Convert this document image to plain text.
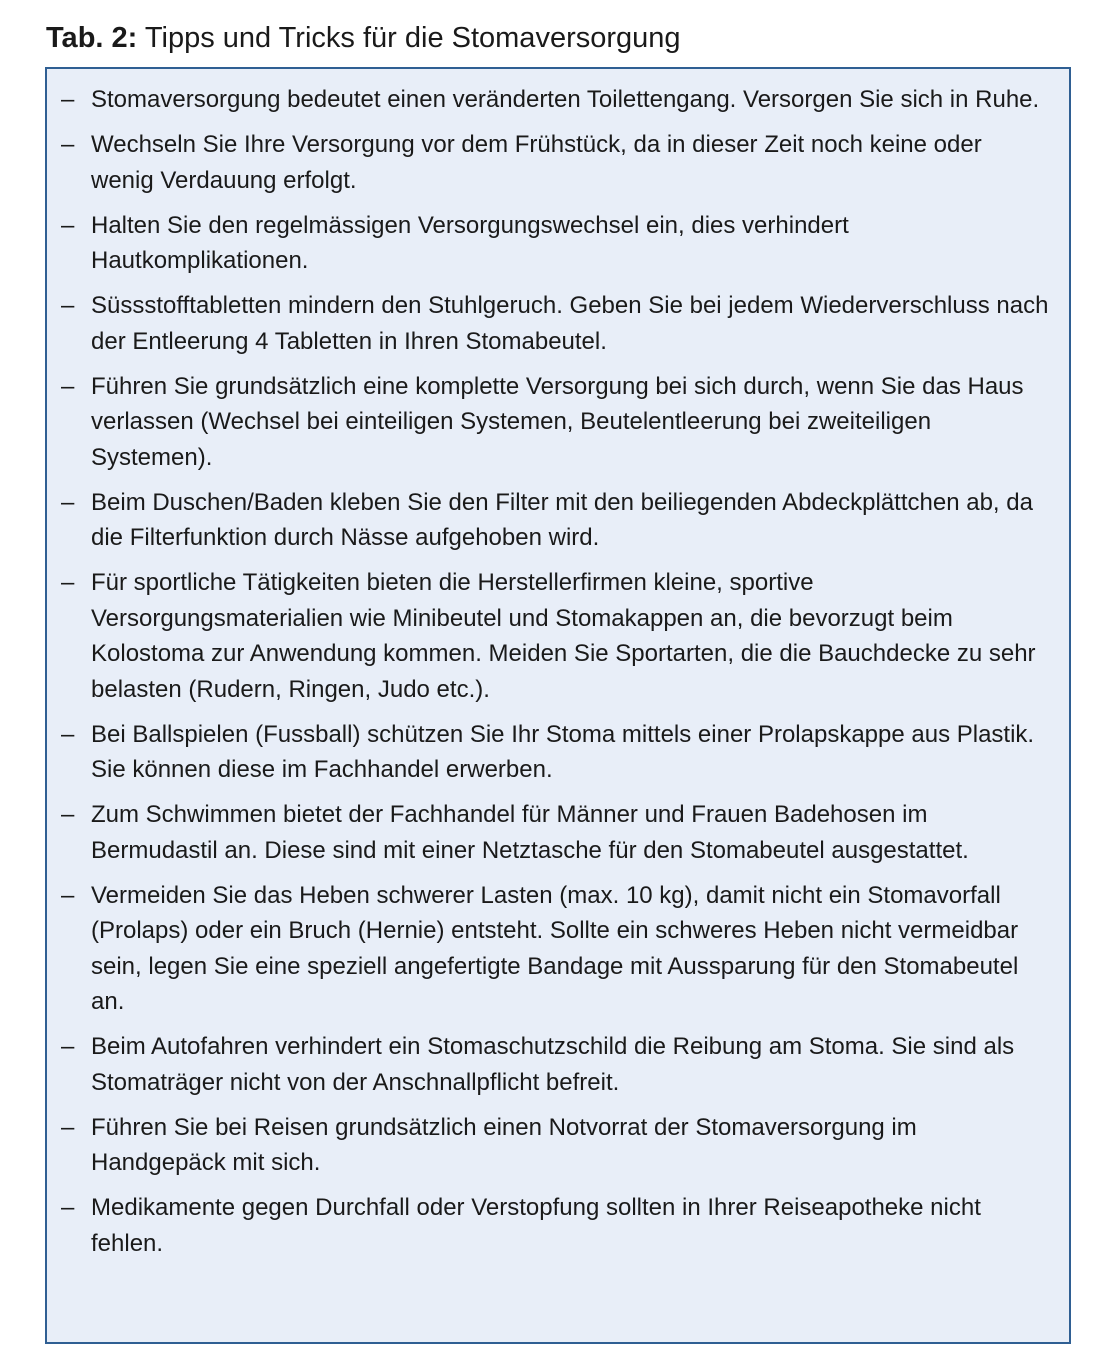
Tab. 2: Tipps und Tricks für die Stomaversorgung
– Stomaversorgung bedeutet einen veränderten Toilettengang. Versorgen Sie sich in Ruhe.
– Wechseln Sie Ihre Versorgung vor dem Frühstück, da in dieser Zeit noch keine oder wenig Verdauung erfolgt.
– Halten Sie den regelmässigen Versorgungswechsel ein, dies verhindert Hautkomplikationen.
– Süssstofftabletten mindern den Stuhlgeruch. Geben Sie bei jedem Wiederverschluss nach der Entleerung 4 Tabletten in Ihren Stomabeutel.
– Führen Sie grundsätzlich eine komplette Versorgung bei sich durch, wenn Sie das Haus verlassen (Wechsel bei einteiligen Systemen, Beutelentleerung bei zweiteiligen Systemen).
– Beim Duschen/Baden kleben Sie den Filter mit den beiliegenden Abdeckplättchen ab, da die Filterfunktion durch Nässe aufgehoben wird.
– Für sportliche Tätigkeiten bieten die Herstellerfirmen kleine, sportive Versorgungsmaterialien wie Minibeutel und Stomakappen an, die bevorzugt beim Kolostoma zur Anwendung kommen. Meiden Sie Sportarten, die die Bauchdecke zu sehr belasten (Rudern, Ringen, Judo etc.).
– Bei Ballspielen (Fussball) schützen Sie Ihr Stoma mittels einer Prolapskappe aus Plastik. Sie können diese im Fachhandel erwerben.
– Zum Schwimmen bietet der Fachhandel für Männer und Frauen Badehosen im Bermudastil an. Diese sind mit einer Netztasche für den Stomabeutel ausgestattet.
– Vermeiden Sie das Heben schwerer Lasten (max. 10 kg), damit nicht ein Stomavorfall (Prolaps) oder ein Bruch (Hernie) entsteht. Sollte ein schweres Heben nicht vermeidbar sein, legen Sie eine speziell angefertigte Bandage mit Aussparung für den Stomabeutel an.
– Beim Autofahren verhindert ein Stomaschutzschild die Reibung am Stoma. Sie sind als Stomaträger nicht von der Anschnallpflicht befreit.
– Führen Sie bei Reisen grundsätzlich einen Notvorrat der Stomaversorgung im Handgepäck mit sich.
– Medikamente gegen Durchfall oder Verstopfung sollten in Ihrer Reiseapotheke nicht fehlen.
